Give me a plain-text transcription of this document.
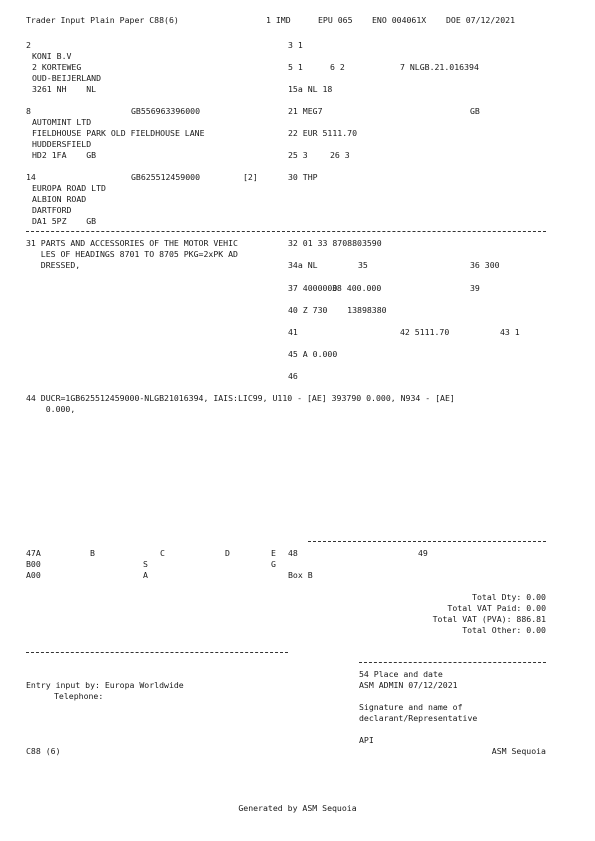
Trader Input Plain Paper C88(6)	1 IMD	EPU 065 ENO 004061X DOE 07/12/2021
2
KONI B.V
2 KORTEWEG
OUD-BEIJERLAND
3261 NH    NL
3 1
5 1	6 2	7 NLGB.21.016394
15a NL 18
8	GB556963396000
AUTOMINT LTD
FIELDHOUSE PARK OLD FIELDHOUSE LANE
HUDDERSFIELD
HD2 1FA    GB
21 MEG7	GB
22 EUR 5111.70
25 3	26 3
14	GB625512459000	[2]
EUROPA ROAD LTD
ALBION ROAD
DARTFORD
DA1 5PZ    GB
30 THP
31 PARTS AND ACCESSORIES OF THE MOTOR VEHIC
LES OF HEADINGS 8701 TO 8705 PKG=2xPK AD
DRESSED,
32 01 33 8708803590
34a NL	35	36 300
37 4000000
38 400.000	39
40 Z 730    13898380
41	42 5111.70	43 1
45 A 0.000
46
44 DUCR=1GB625512459000-NLGB21016394, IAIS:LIC99, U110 - [AE] 393790 0.000, N934 - [AE]
0.000,
47A	B	C	D	E 48	49
B00	S	G
A00	A	Box B
Total Dty: 0.00
Total VAT Paid: 0.00
Total VAT (PVA): 886.81
Total Other: 0.00
54 Place and date
Entry input by: Europa Worldwide	ASM ADMIN 07/12/2021
Telephone:
Signature and name of
declarant/Representative
API
C88 (6)	ASM Sequoia
Generated by ASM Sequoia
